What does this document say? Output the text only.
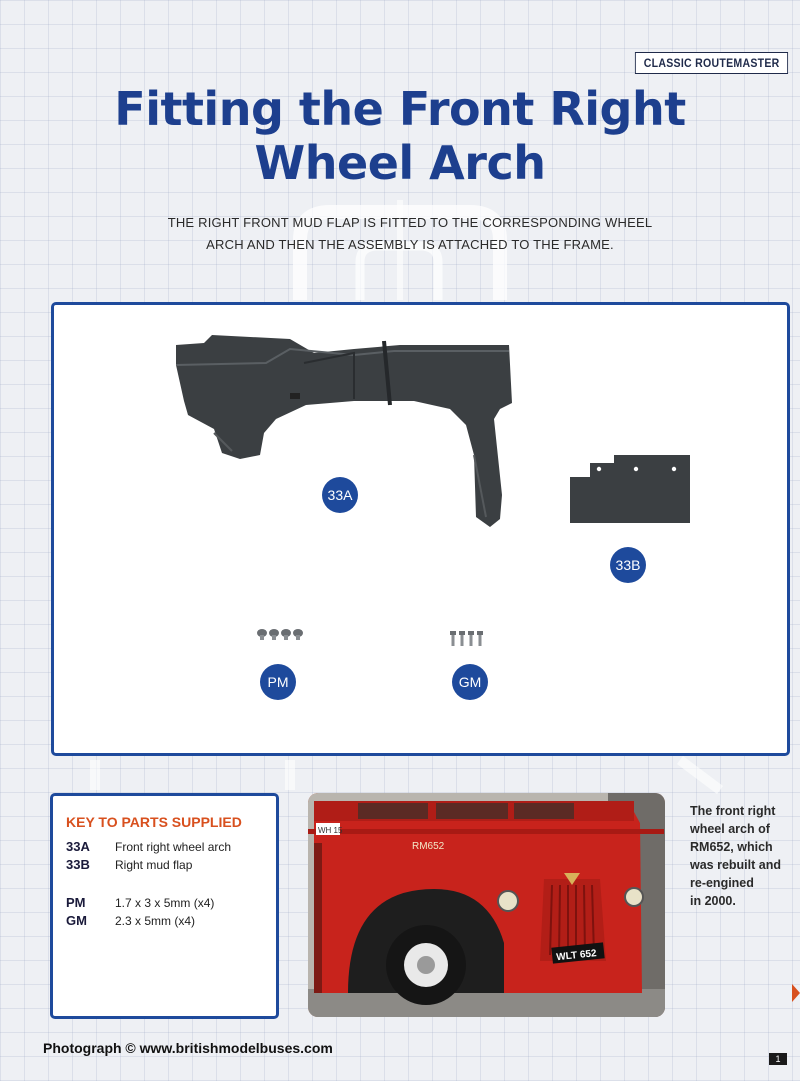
CLASSIC ROUTEMASTER
Fitting the Front Right
Wheel Arch
THE RIGHT FRONT MUD FLAP IS FITTED TO THE CORRESPONDING WHEEL
ARCH AND THEN THE ASSEMBLY IS ATTACHED TO THE FRAME.
33A
33B
PM	GM
KEY TO PARTS SUPPLIED
33A Front right wheel arch
33B Right mud flap
PM 1.7 x 3 x 5mm (x4)
GM 2.3 x 5mm (x4)
WH 15
RM652
WLT 652
The front right
wheel arch of
RM652, which
was rebuilt and
re-engined
in 2000.
Photograph © www.britishmodelbuses.com
1
